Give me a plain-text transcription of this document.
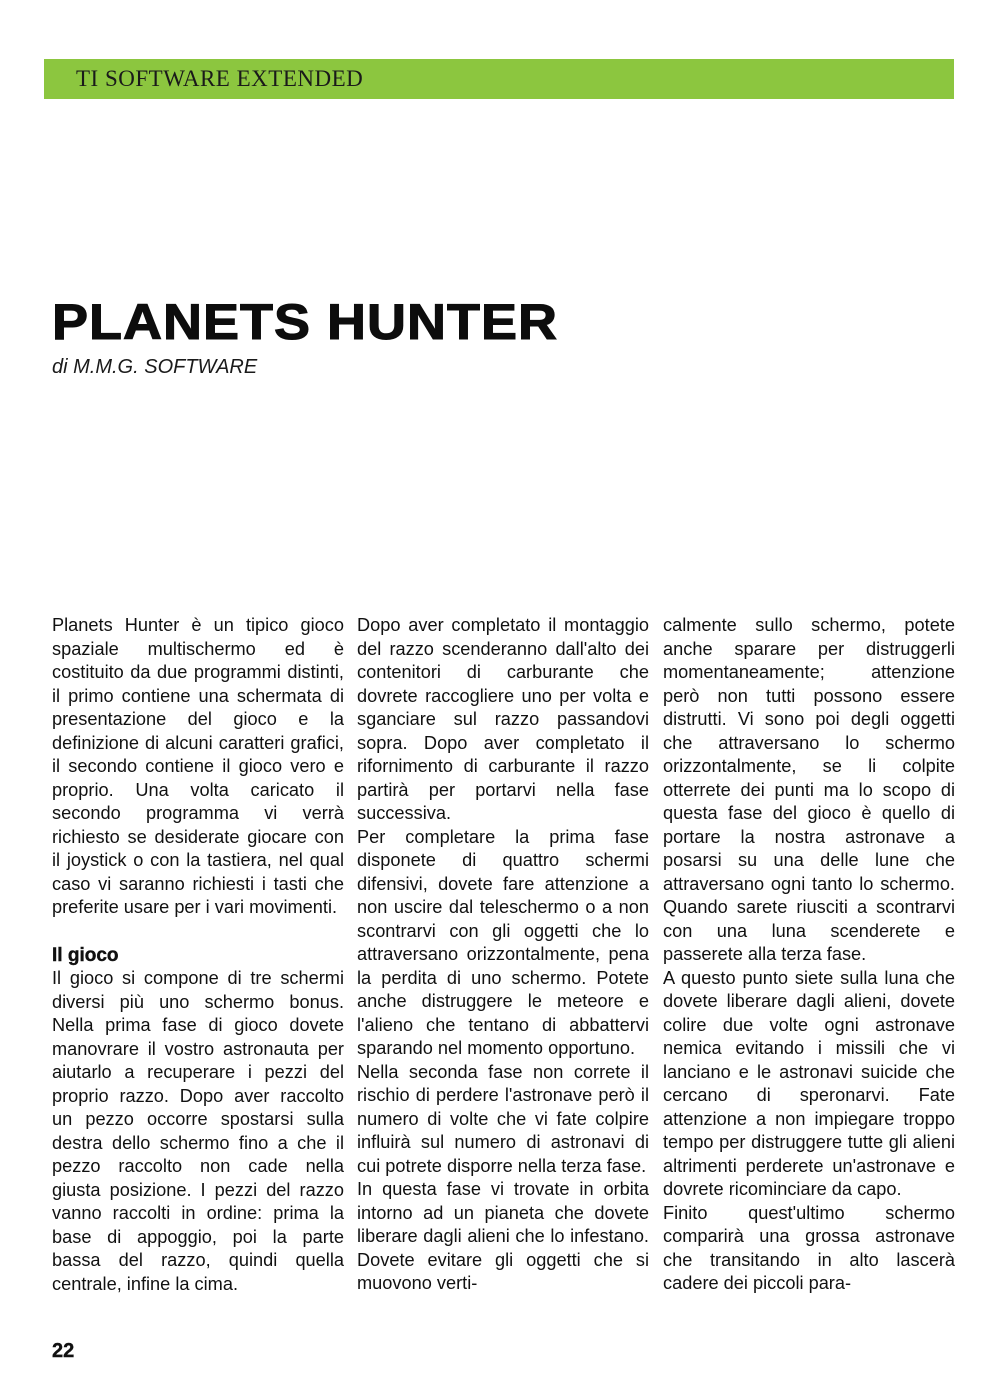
TI SOFTWARE EXTENDED
PLANETS HUNTER
di M.M.G. SOFTWARE

Planets Hunter è un tipico gioco spaziale multischermo ed è costituito da due programmi distinti, il primo contiene una schermata di presentazione del gioco e la definizione di alcuni caratteri grafici, il secondo contiene il gioco vero e proprio. Una volta caricato il secondo programma vi verrà richiesto se desiderate giocare con il joystick o con la tastiera, nel qual caso vi saranno richiesti i tasti che preferite usare per i vari movimenti.

Il gioco

Il gioco si compone di tre schermi diversi più uno schermo bonus. Nella prima fase di gioco dovete manovrare il vostro astronauta per aiutarlo a recuperare i pezzi del proprio razzo. Dopo aver raccolto un pezzo occorre spostarsi sulla destra dello schermo fino a che il pezzo raccolto non cade nella giusta posizione. I pezzi del razzo vanno raccolti in ordine: prima la base di appoggio, poi la parte bassa del razzo, quindi quella centrale, infine la cima.

Dopo aver completato il montaggio del razzo scenderanno dall'alto dei contenitori di carburante che dovrete raccogliere uno per volta e sganciare sul razzo passandovi sopra. Dopo aver completato il rifornimento di carburante il razzo partirà per portarvi nella fase successiva.

Per completare la prima fase disponete di quattro schermi difensivi, dovete fare attenzione a non uscire dal teleschermo o a non scontrarvi con gli oggetti che lo attraversano orizzontalmente, pena la perdita di uno schermo. Potete anche distruggere le meteore e l'alieno che tentano di abbattervi sparando nel momento opportuno.

Nella seconda fase non correte il rischio di perdere l'astronave però il numero di volte che vi fate colpire influirà sul numero di astronavi di cui potrete disporre nella terza fase.

In questa fase vi trovate in orbita intorno ad un pianeta che dovete liberare dagli alieni che lo infestano. Dovete evitare gli oggetti che si muovono verti-

calmente sullo schermo, potete anche sparare per distruggerli momentaneamente; attenzione però non tutti possono essere distrutti. Vi sono poi degli oggetti che attraversano lo schermo orizzontalmente, se li colpite otterrete dei punti ma lo scopo di questa fase del gioco è quello di portare la nostra astronave a posarsi su una delle lune che attraversano ogni tanto lo schermo. Quando sarete riusciti a scontrarvi con una luna scenderete e passerete alla terza fase.

A questo punto siete sulla luna che dovete liberare dagli alieni, dovete colire due volte ogni astronave nemica evitando i missili che vi lanciano e le astronavi suicide che cercano di speronarvi. Fate attenzione a non impiegare troppo tempo per distruggere tutte gli alieni altrimenti perderete un'astronave e dovrete ricominciare da capo.

Finito quest'ultimo schermo comparirà una grossa astronave che transitando in alto lascerà cadere dei piccoli para-

22
